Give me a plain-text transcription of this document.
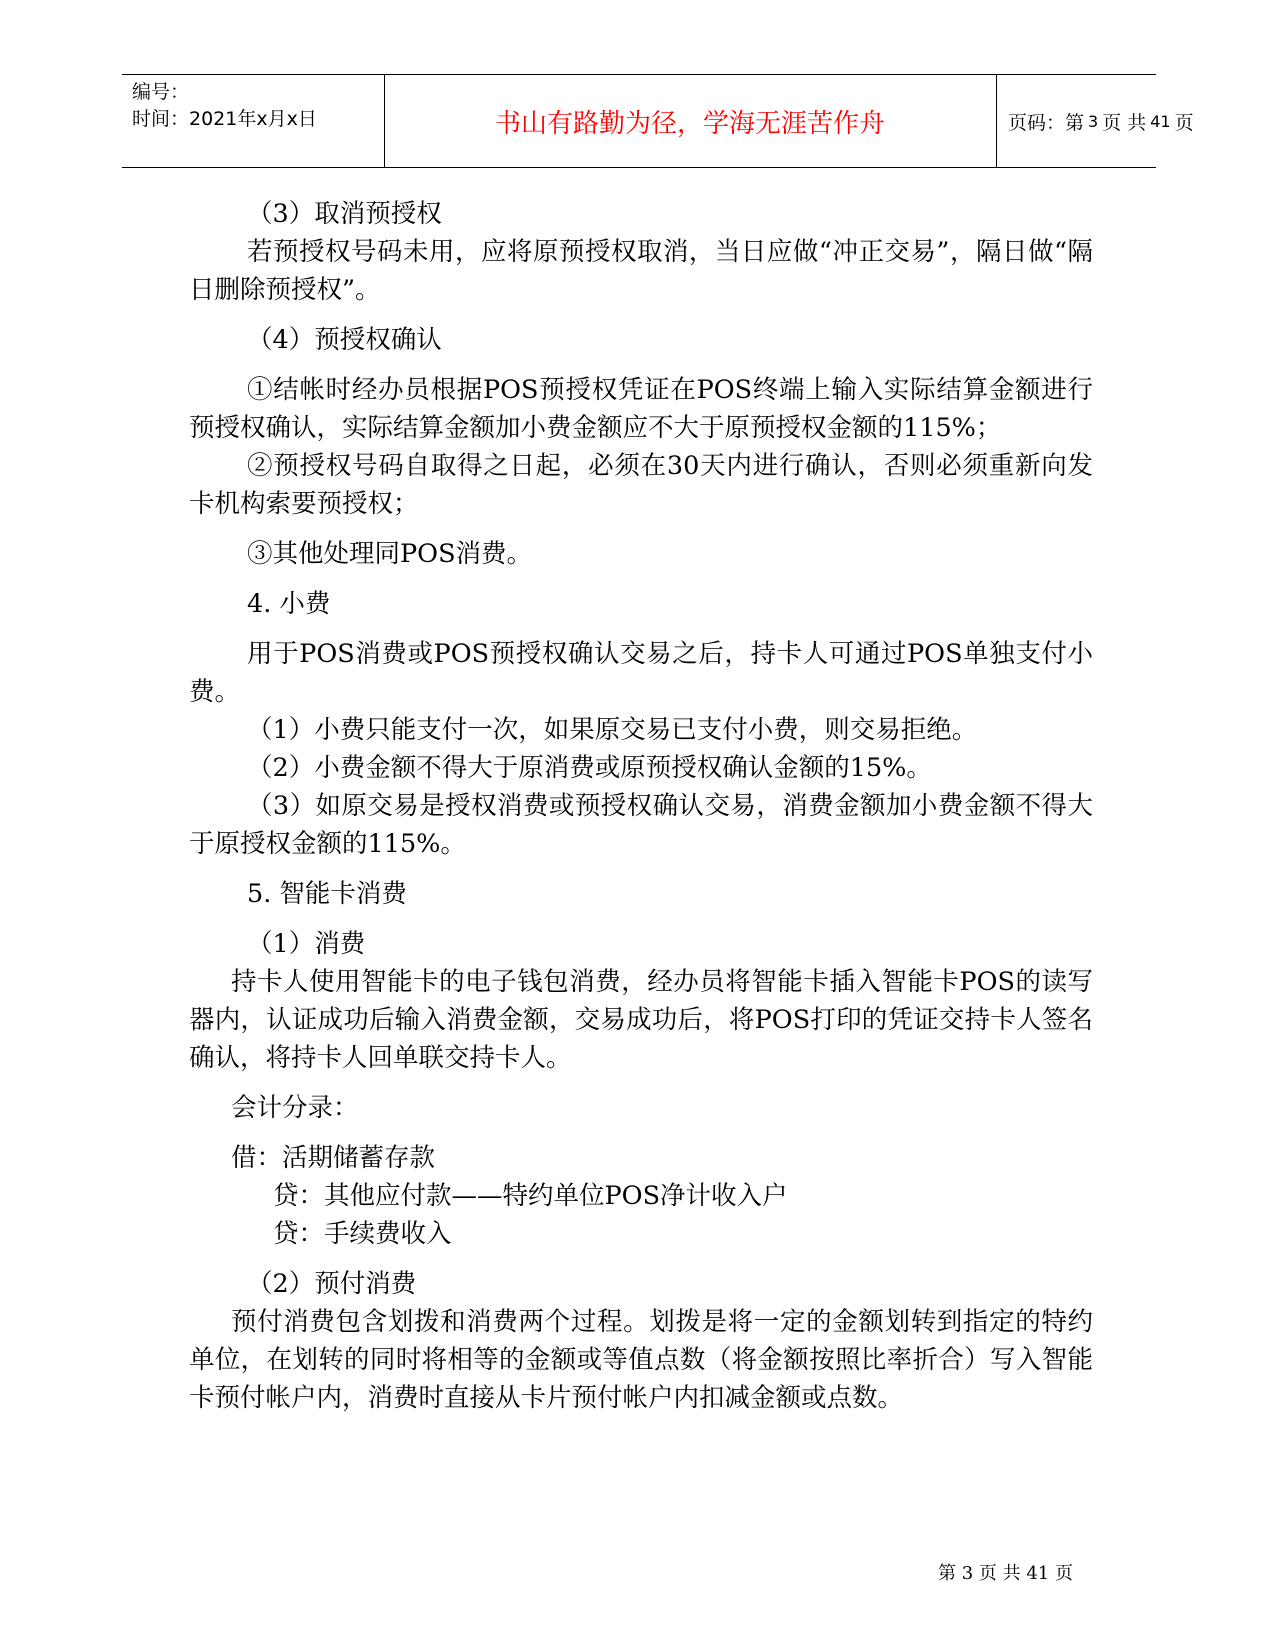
编号：
时间：2021年x月x日	书山有路勤为径，学海无涯苦作舟	页码：第 3 页 共 41 页

（3）取消预授权

若预授权号码未用，应将原预授权取消，当日应做“冲正交易”，隔日做“隔日删除预授权”。

（4）预授权确认

①结帐时经办员根据POS预授权凭证在POS终端上输入实际结算金额进行预授权确认，实际结算金额加小费金额应不大于原预授权金额的115%；

②预授权号码自取得之日起，必须在30天内进行确认，否则必须重新向发卡机构索要预授权；

③其他处理同POS消费。

4. 小费

用于POS消费或POS预授权确认交易之后，持卡人可通过POS单独支付小费。

（1）小费只能支付一次，如果原交易已支付小费，则交易拒绝。

（2）小费金额不得大于原消费或原预授权确认金额的15%。

（3）如原交易是授权消费或预授权确认交易，消费金额加小费金额不得大于原授权金额的115%。

5. 智能卡消费

（1）消费

持卡人使用智能卡的电子钱包消费，经办员将智能卡插入智能卡POS的读写器内，认证成功后输入消费金额，交易成功后，将POS打印的凭证交持卡人签名确认，将持卡人回单联交持卡人。

会计分录：

借：活期储蓄存款

贷：其他应付款——特约单位POS净计收入户

贷：手续费收入

（2）预付消费

预付消费包含划拨和消费两个过程。划拨是将一定的金额划转到指定的特约单位，在划转的同时将相等的金额或等值点数（将金额按照比率折合）写入智能卡预付帐户内，消费时直接从卡片预付帐户内扣减金额或点数。

第 3 页 共 41 页
